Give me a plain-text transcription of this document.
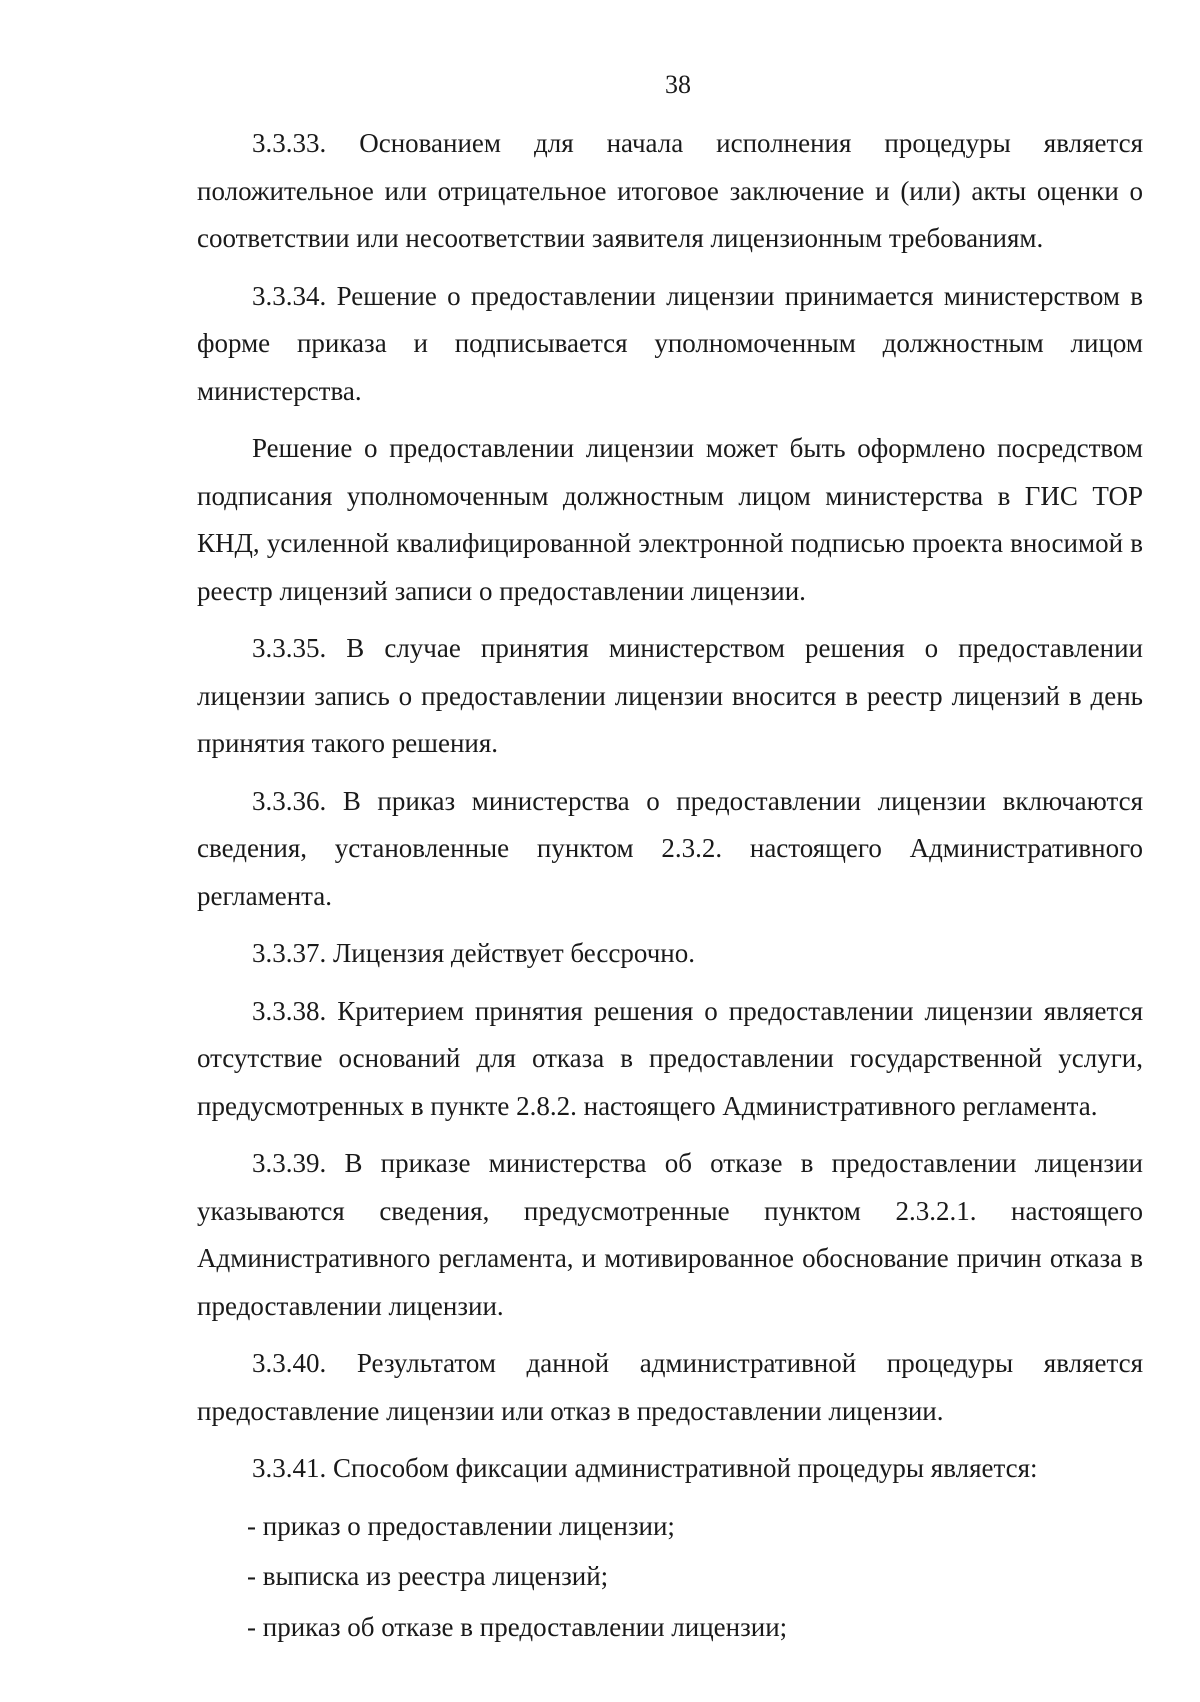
38

3.3.33. Основанием для начала исполнения процедуры является положительное или отрицательное итоговое заключение и (или) акты оценки о соответствии или несоответствии заявителя лицензионным требованиям.

3.3.34. Решение о предоставлении лицензии принимается министерством в форме приказа и подписывается уполномоченным должностным лицом министерства.

Решение о предоставлении лицензии может быть оформлено посредством подписания уполномоченным должностным лицом министерства в ГИС ТОР КНД, усиленной квалифицированной электронной подписью проекта вносимой в реестр лицензий записи о предоставлении лицензии.

3.3.35. В случае принятия министерством решения о предоставлении лицензии запись о предоставлении лицензии вносится в реестр лицензий в день принятия такого решения.

3.3.36. В приказ министерства о предоставлении лицензии включаются сведения, установленные пунктом 2.3.2. настоящего Административного регламента.

3.3.37. Лицензия действует бессрочно.

3.3.38. Критерием принятия решения о предоставлении лицензии является отсутствие оснований для отказа в предоставлении государственной услуги, предусмотренных в пункте 2.8.2. настоящего Административного регламента.

3.3.39. В приказе министерства об отказе в предоставлении лицензии указываются сведения, предусмотренные пунктом 2.3.2.1. настоящего Административного регламента, и мотивированное обоснование причин отказа в предоставлении лицензии.

3.3.40. Результатом данной административной процедуры является предоставление лицензии или отказ в предоставлении лицензии.

3.3.41. Способом фиксации административной процедуры является:

- приказ о предоставлении лицензии;

- выписка из реестра лицензий;

- приказ об отказе в предоставлении лицензии;
